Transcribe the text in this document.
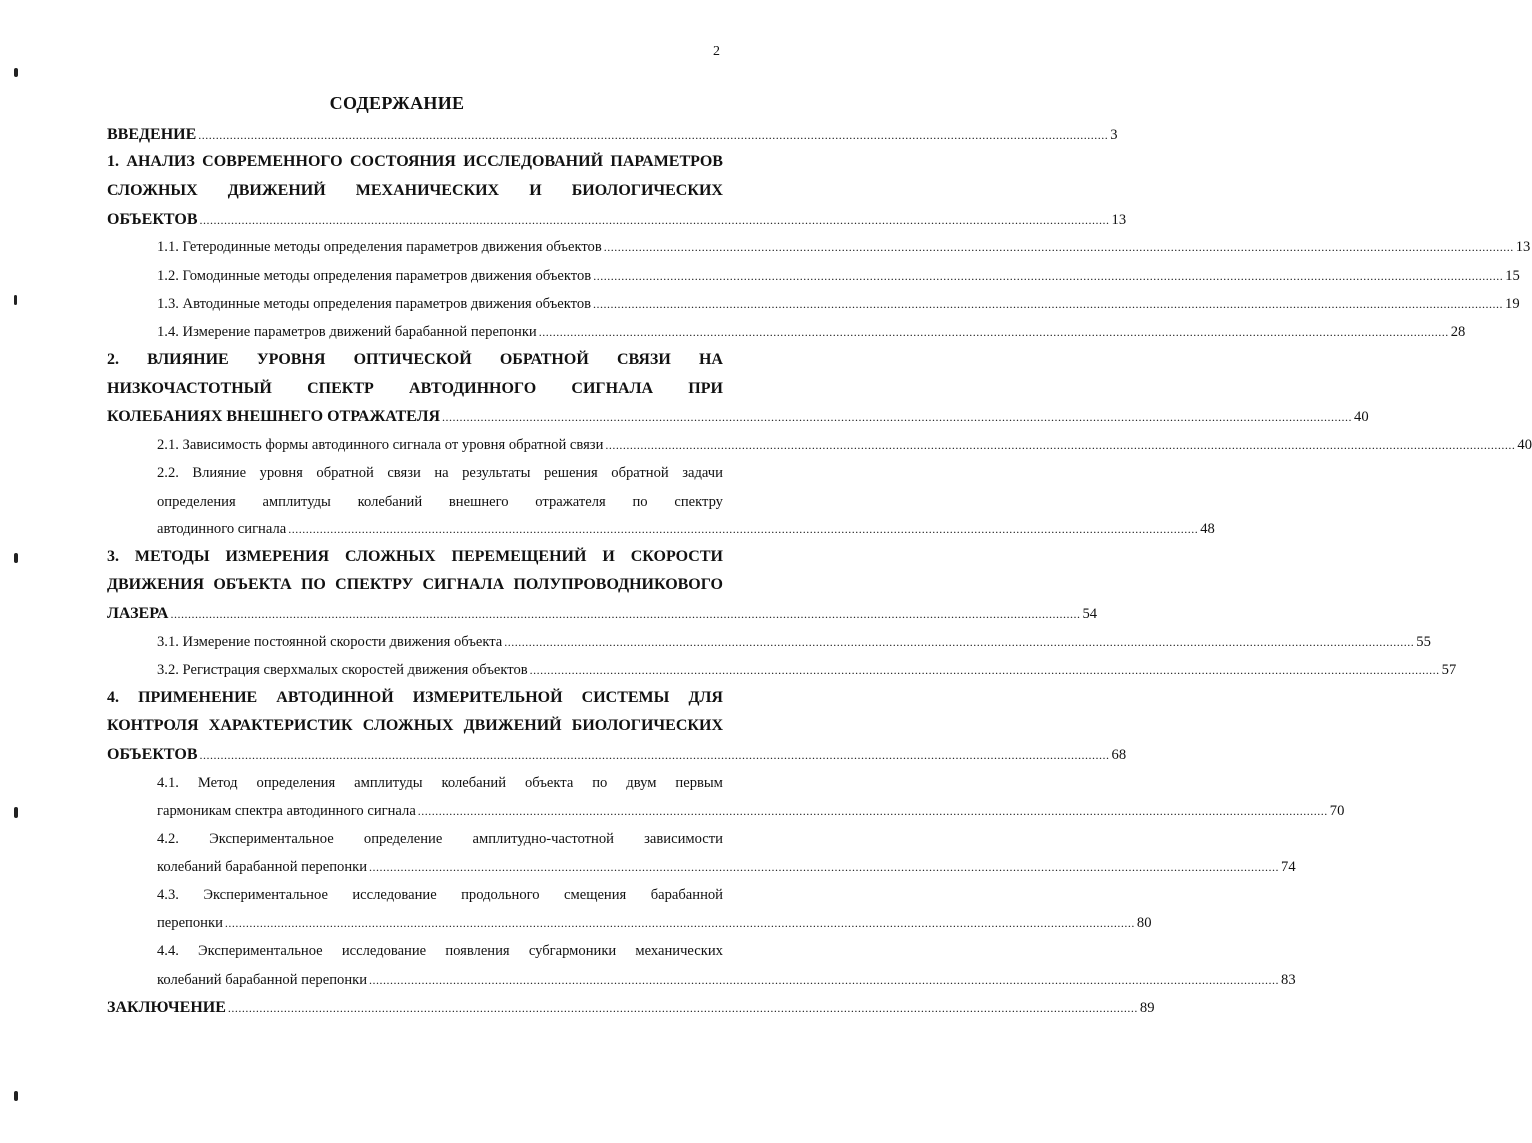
2
СОДЕРЖАНИЕ
ВВЕДЕНИЕ .................................................................................................................................................................................................................................................................... 3
1. АНАЛИЗ СОВРЕМЕННОГО СОСТОЯНИЯ ИССЛЕДОВАНИЙ ПАРАМЕТРОВ
СЛОЖНЫХ ДВИЖЕНИЙ МЕХАНИЧЕСКИХ И БИОЛОГИЧЕСКИХ
ОБЪЕКТОВ .................................................................................................................................................................................................................................................................... 13
1.1. Гетеродинные методы определения параметров движения объектов .................................................................................................................................................................................................................................................................... 13
1.2. Гомодинные методы определения параметров движения объектов .................................................................................................................................................................................................................................................................... 15
1.3. Автодинные методы определения параметров движения объектов .................................................................................................................................................................................................................................................................... 19
1.4. Измерение параметров движений барабанной перепонки .................................................................................................................................................................................................................................................................... 28
2. ВЛИЯНИЕ УРОВНЯ ОПТИЧЕСКОЙ ОБРАТНОЙ СВЯЗИ НА
НИЗКОЧАСТОТНЫЙ СПЕКТР АВТОДИННОГО СИГНАЛА ПРИ
КОЛЕБАНИЯХ ВНЕШНЕГО ОТРАЖАТЕЛЯ .................................................................................................................................................................................................................................................................... 40
2.1. Зависимость формы автодинного сигнала от уровня обратной связи .................................................................................................................................................................................................................................................................... 40
2.2. Влияние уровня обратной связи на результаты решения обратной задачи
определения амплитуды колебаний внешнего отражателя по спектру
автодинного сигнала .................................................................................................................................................................................................................................................................... 48
3. МЕТОДЫ ИЗМЕРЕНИЯ СЛОЖНЫХ ПЕРЕМЕЩЕНИЙ И СКОРОСТИ
ДВИЖЕНИЯ ОБЪЕКТА ПО СПЕКТРУ СИГНАЛА ПОЛУПРОВОДНИКОВОГО
ЛАЗЕРА .................................................................................................................................................................................................................................................................... 54
3.1. Измерение постоянной скорости движения объекта .................................................................................................................................................................................................................................................................... 55
3.2. Регистрация сверхмалых скоростей движения объектов .................................................................................................................................................................................................................................................................... 57
4. ПРИМЕНЕНИЕ АВТОДИННОЙ ИЗМЕРИТЕЛЬНОЙ СИСТЕМЫ ДЛЯ
КОНТРОЛЯ ХАРАКТЕРИСТИК СЛОЖНЫХ ДВИЖЕНИЙ БИОЛОГИЧЕСКИХ
ОБЪЕКТОВ .................................................................................................................................................................................................................................................................... 68
4.1. Метод определения амплитуды колебаний объекта по двум первым
гармоникам спектра автодинного сигнала .................................................................................................................................................................................................................................................................... 70
4.2. Экспериментальное определение амплитудно-частотной зависимости
колебаний барабанной перепонки .................................................................................................................................................................................................................................................................... 74
4.3. Экспериментальное исследование продольного смещения барабанной
перепонки .................................................................................................................................................................................................................................................................... 80
4.4. Экспериментальное исследование появления субгармоники механических
колебаний барабанной перепонки .................................................................................................................................................................................................................................................................... 83
ЗАКЛЮЧЕНИЕ .................................................................................................................................................................................................................................................................... 89
